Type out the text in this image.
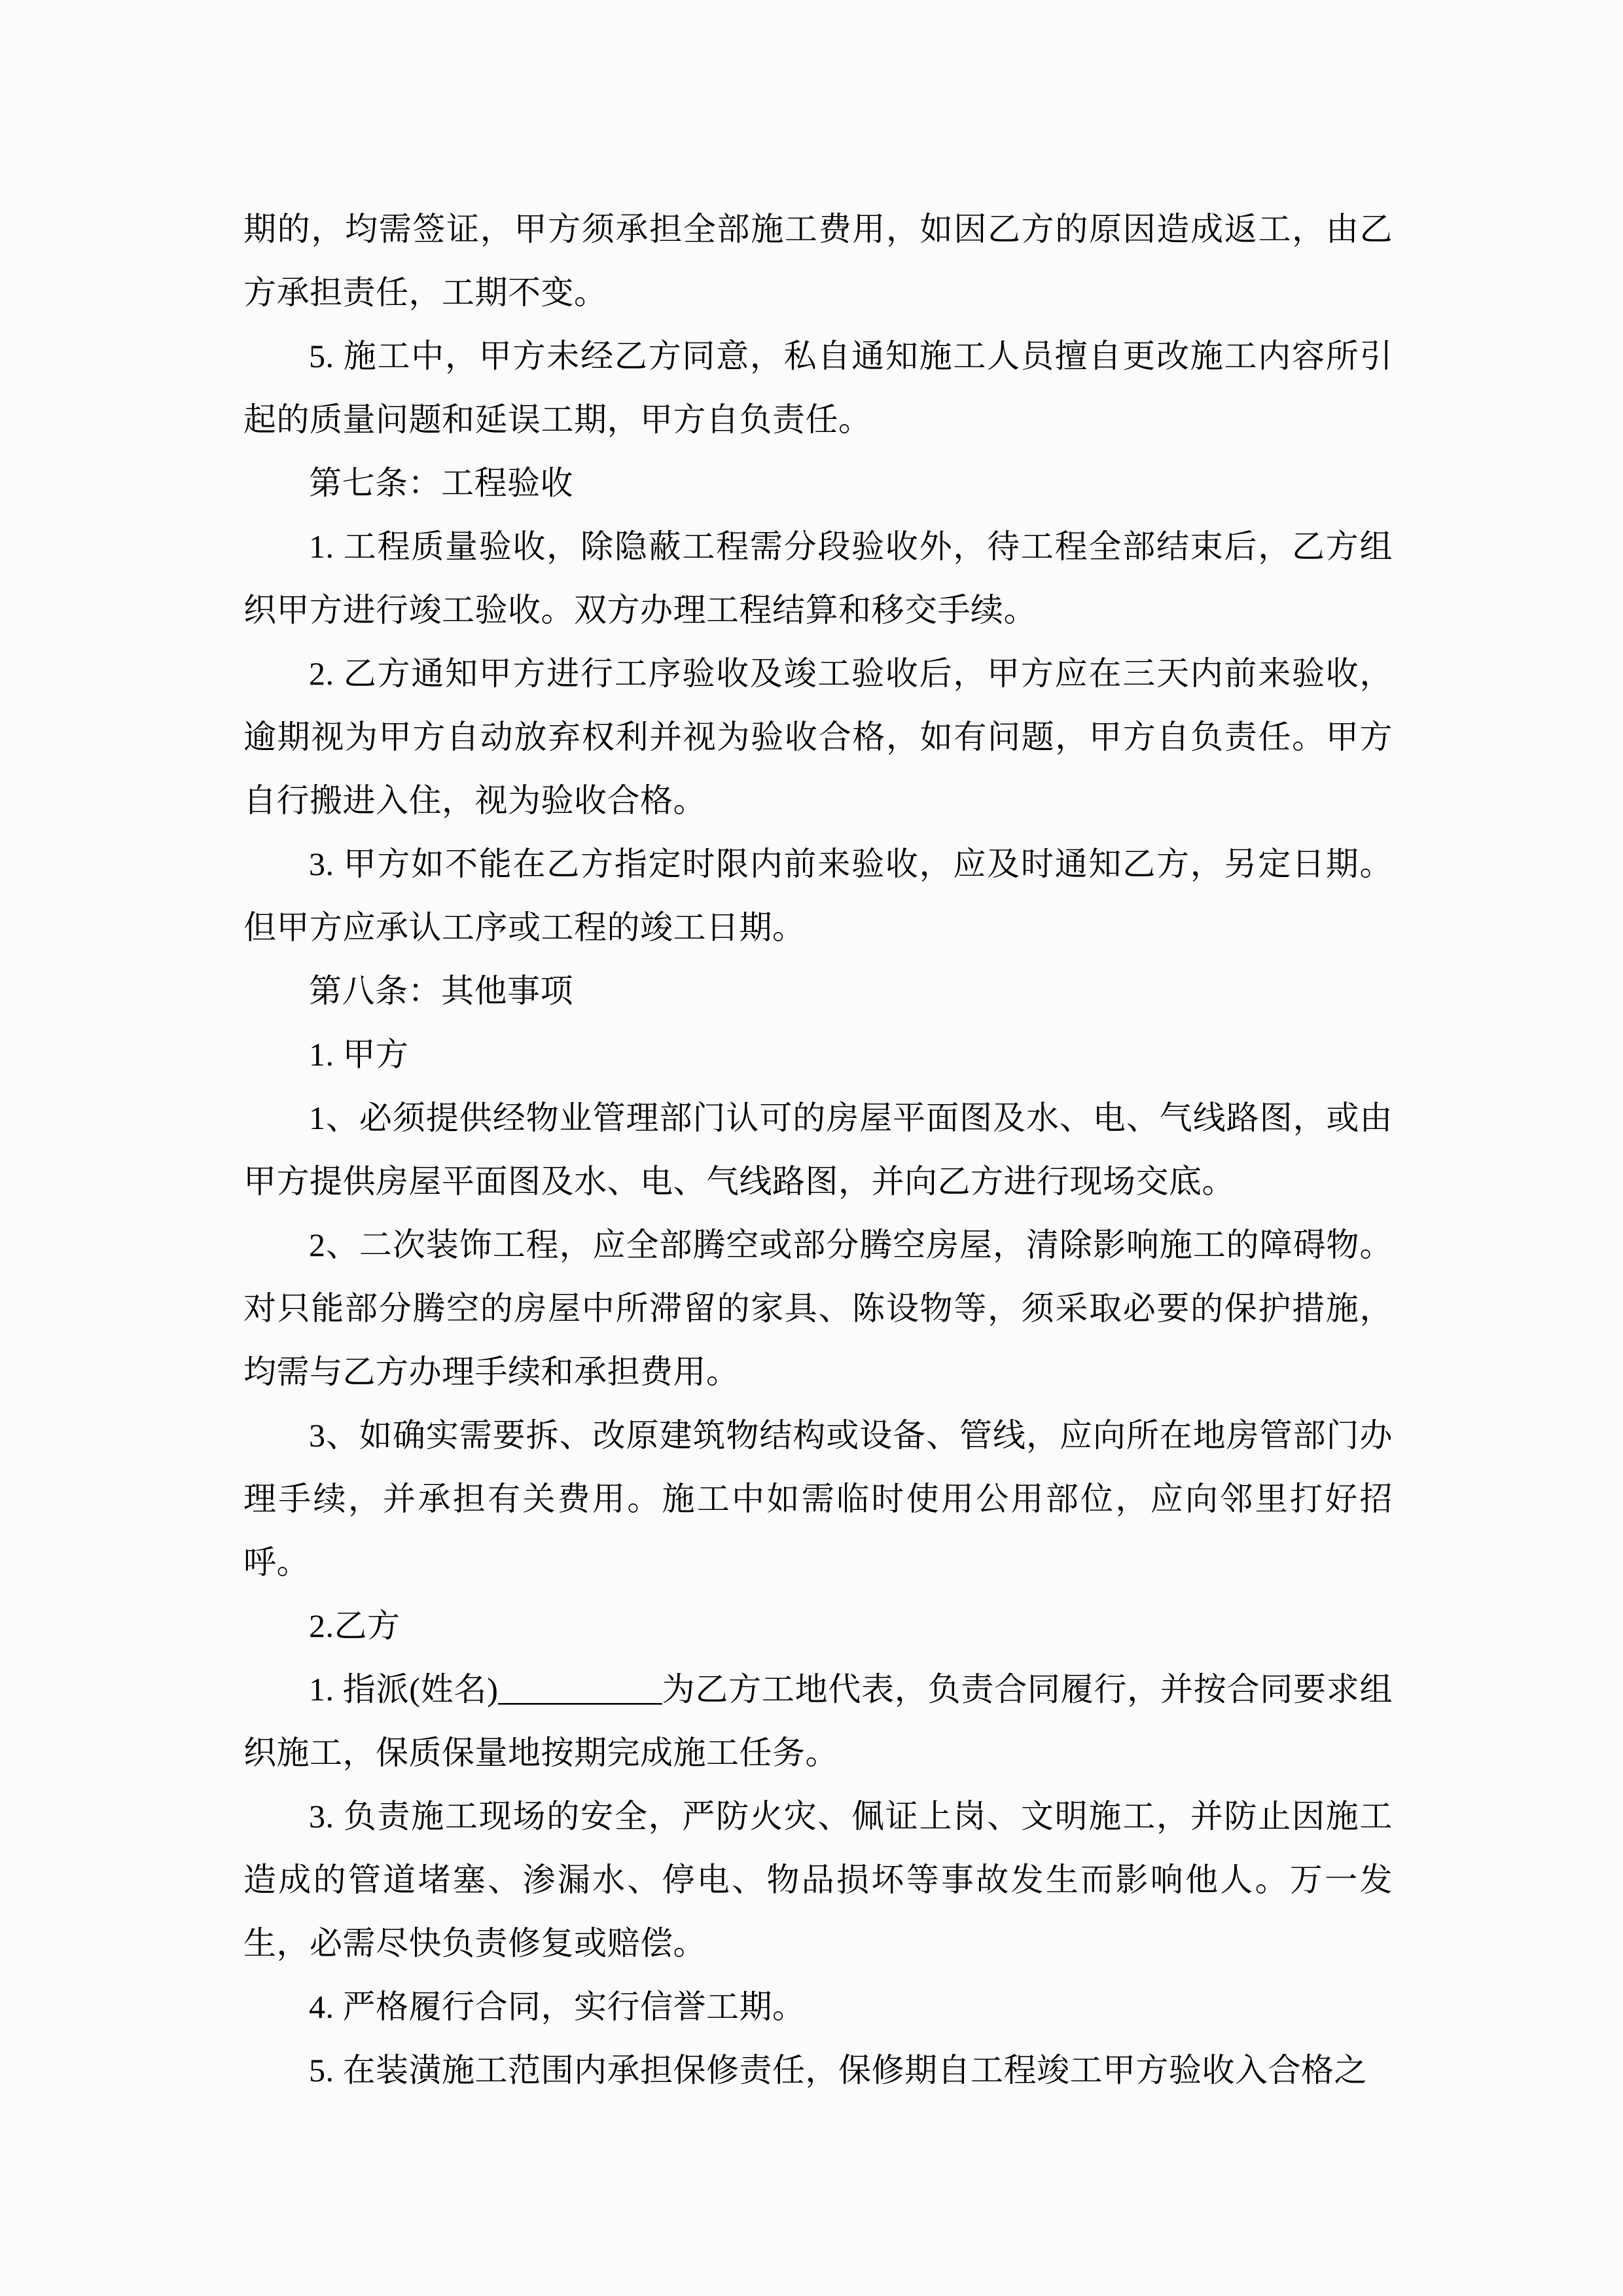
期的，均需签证，甲方须承担全部施工费用，如因乙方的原因造成返工，由乙方承担责任，工期不变。

5. 施工中，甲方未经乙方同意，私自通知施工人员擅自更改施工内容所引起的质量问题和延误工期，甲方自负责任。

第七条：工程验收

1. 工程质量验收，除隐蔽工程需分段验收外，待工程全部结束后，乙方组织甲方进行竣工验收。双方办理工程结算和移交手续。

2. 乙方通知甲方进行工序验收及竣工验收后，甲方应在三天内前来验收，逾期视为甲方自动放弃权利并视为验收合格，如有问题，甲方自负责任。甲方自行搬进入住，视为验收合格。

3. 甲方如不能在乙方指定时限内前来验收，应及时通知乙方，另定日期。但甲方应承认工序或工程的竣工日期。

第八条：其他事项

1. 甲方

1、必须提供经物业管理部门认可的房屋平面图及水、电、气线路图，或由甲方提供房屋平面图及水、电、气线路图，并向乙方进行现场交底。

2、二次装饰工程，应全部腾空或部分腾空房屋，清除影响施工的障碍物。对只能部分腾空的房屋中所滞留的家具、陈设物等，须采取必要的保护措施，均需与乙方办理手续和承担费用。

3、如确实需要拆、改原建筑物结构或设备、管线，应向所在地房管部门办理手续，并承担有关费用。施工中如需临时使用公用部位，应向邻里打好招呼。

2.乙方

1. 指派(姓名)__________为乙方工地代表，负责合同履行，并按合同要求组织施工，保质保量地按期完成施工任务。

3. 负责施工现场的安全，严防火灾、佩证上岗、文明施工，并防止因施工造成的管道堵塞、渗漏水、停电、物品损坏等事故发生而影响他人。万一发生，必需尽快负责修复或赔偿。

4. 严格履行合同，实行信誉工期。

5. 在装潢施工范围内承担保修责任，保修期自工程竣工甲方验收入合格之
